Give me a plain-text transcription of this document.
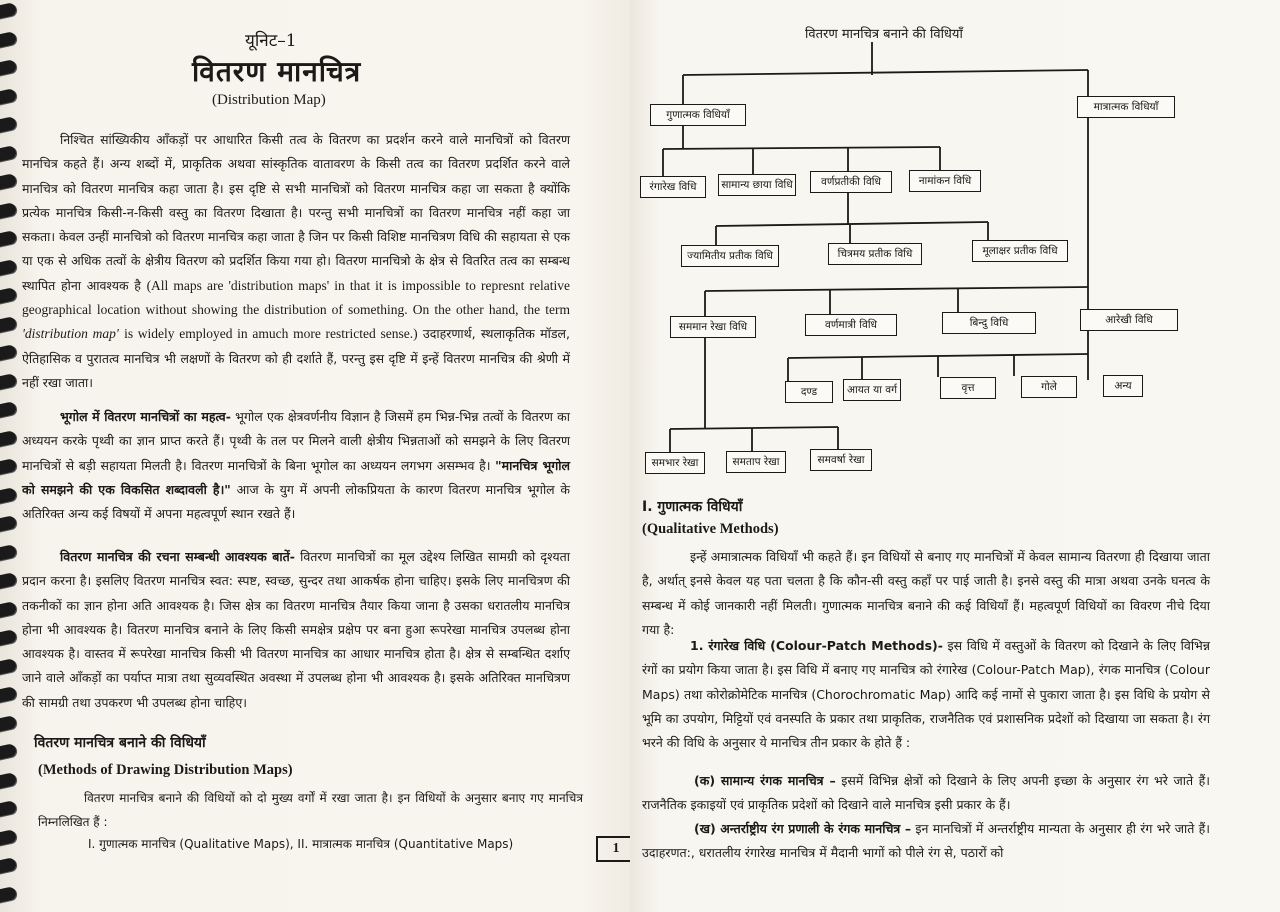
यूनिट–1
वितरण मानचित्र
(Distribution Map)
निश्चित सांख्यिकीय आँकड़ों पर आधारित किसी तत्व के वितरण का प्रदर्शन करने वाले मानचित्रों को वितरण मानचित्र कहते हैं। अन्य शब्दों में, प्राकृतिक अथवा सांस्कृतिक वातावरण के किसी तत्व का वितरण प्रदर्शित करने वाले मानचित्र को वितरण मानचित्र कहा जाता है। इस दृष्टि से सभी मानचित्रों को वितरण मानचित्र कहा जा सकता है क्योंकि प्रत्येक मानचित्र किसी-न-किसी वस्तु का वितरण दिखाता है। परन्तु सभी मानचित्रों का वितरण मानचित्र नहीं कहा जा सकता। केवल उन्हीं मानचित्रो को वितरण मानचित्र कहा जाता है जिन पर किसी विशिष्ट मानचित्रण विधि की सहायता से एक या एक से अधिक तत्वों के क्षेत्रीय वितरण को प्रदर्शित किया गया हो। वितरण मानचित्रो के क्षेत्र से वितरित तत्व का सम्बन्ध स्थापित होना आवश्यक है (All maps are 'distribution maps' in that it is impossible to represnt relative geographical location without showing the distribution of something. On the other hand, the term 'distribution map' is widely employed in amuch more restricted sense.) उदाहरणार्थ, स्थलाकृतिक मॉडल, ऐतिहासिक व पुरातत्व मानचित्र भी लक्षणों के वितरण को ही दर्शाते हैं, परन्तु इस दृष्टि में इन्हें वितरण मानचित्र की श्रेणी में नहीं रखा जाता।
भूगोल में वितरण मानचित्रों का महत्व- भूगोल एक क्षेत्रवर्णनीय विज्ञान है जिसमें हम भिन्न-भिन्न तत्वों के वितरण का अध्ययन करके पृथ्वी का ज्ञान प्राप्त करते हैं। पृथ्वी के तल पर मिलने वाली क्षेत्रीय भिन्नताओं को समझने के लिए वितरण मानचित्रों से बड़ी सहायता मिलती है। वितरण मानचित्रों के बिना भूगोल का अध्ययन लगभग असम्भव है। "मानचित्र भूगोल को समझने की एक विकसित शब्दावली है।" आज के युग में अपनी लोकप्रियता के कारण वितरण मानचित्र भूगोल के अतिरिक्त अन्य कई विषयों में अपना महत्वपूर्ण स्थान रखते हैं।
वितरण मानचित्र की रचना सम्बन्धी आवश्यक बातें- वितरण मानचित्रों का मूल उद्देश्य लिखित सामग्री को दृश्यता प्रदान करना है। इसलिए वितरण मानचित्र स्वत: स्पष्ट, स्वच्छ, सुन्दर तथा आकर्षक होना चाहिए। इसके लिए मानचित्रण की तकनीकों का ज्ञान होना अति आवश्यक है। जिस क्षेत्र का वितरण मानचित्र तैयार किया जाना है उसका धरातलीय मानचित्र होना भी आवश्यक है। वितरण मानचित्र बनाने के लिए किसी समक्षेत्र प्रक्षेप पर बना हुआ रूपरेखा मानचित्र उपलब्ध होना आवश्यक है। वास्तव में रूपरेखा मानचित्र किसी भी वितरण मानचित्र का आधार मानचित्र होता है। क्षेत्र से सम्बन्धित दर्शाए जाने वाले आँकड़ों का पर्याप्त मात्रा तथा सुव्यवस्थित अवस्था में उपलब्ध होना भी आवश्यक है। इसके अतिरिक्त मानचित्रण की सामग्री तथा उपकरण भी उपलब्ध होना चाहिए।
वितरण मानचित्र बनाने की विधियाँ
(Methods of Drawing Distribution Maps)
वितरण मानचित्र बनाने की विधियों को दो मुख्य वर्गों में रखा जाता है। इन विधियों के अनुसार बनाए गए मानचित्र निम्नलिखित हैं :
I. गुणात्मक मानचित्र (Qualitative Maps), II. मात्रात्मक मानचित्र (Quantitative Maps)	1
I. गुणात्मक विधियाँ
(Qualitative Methods)
इन्हें अमात्रात्मक विधियाँ भी कहते हैं। इन विधियों से बनाए गए मानचित्रों में केवल सामान्य वितरणा ही दिखाया जाता है, अर्थात् इनसे केवल यह पता चलता है कि कौन-सी वस्तु कहाँ पर पाई जाती है। इनसे वस्तु की मात्रा अथवा उनके घनत्व के सम्बन्ध में कोई जानकारी नहीं मिलती। गुणात्मक मानचित्र बनाने की कई विधियाँ हैं। महत्वपूर्ण विधियों का विवरण नीचे दिया गया है:
1. रंगारेख विधि (Colour-Patch Methods)- इस विधि में वस्तुओं के वितरण को दिखाने के लिए विभिन्न रंगों का प्रयोग किया जाता है। इस विधि में बनाए गए मानचित्र को रंगारेख (Colour-Patch Map), रंगक मानचित्र (Colour Maps) तथा कोरोक्रोमेटिक मानचित्र (Chorochromatic Map) आदि कई नामों से पुकारा जाता है। इस विधि के प्रयोग से भूमि का उपयोग, मिट्टियों एवं वनस्पति के प्रकार तथा प्राकृतिक, राजनैतिक एवं प्रशासनिक प्रदेशों को दिखाया जा सकता है। रंग भरने की विधि के अनुसार ये मानचित्र तीन प्रकार के होते हैं :
(क) सामान्य रंगक मानचित्र – इसमें विभिन्न क्षेत्रों को दिखाने के लिए अपनी इच्छा के अनुसार रंग भरे जाते हैं। राजनैतिक इकाइयों एवं प्राकृतिक प्रदेशों को दिखाने वाले मानचित्र इसी प्रकार के हैं।
(ख) अन्तर्राष्ट्रीय रंग प्रणाली के रंगक मानचित्र – इन मानचित्रों में अन्तर्राष्ट्रीय मान्यता के अनुसार ही रंग भरे जाते हैं। उदाहरणत:, धरातलीय रंगारेख मानचित्र में मैदानी भागों को पीले रंग से, पठारों को
वितरण मानचित्र बनाने की विधियाँ
गुणात्मक विधियाँ
मात्रात्मक विधियाँ
रंगारेख विधि	सामान्य छाया विधि	वर्णप्रतीकी विधि	नामांकन विधि
ज्यामितीय प्रतीक विधि	चित्रमय प्रतीक विधि	मूलाक्षर प्रतीक विधि
सममान रेखा विधि	वर्णमात्री विधि	बिन्दु विधि	आरेखी विधि
दण्ड	आयत या वर्ग	वृत्त	गोले	अन्य
समभार रेखा	समताप रेखा	समवर्षा रेखा
